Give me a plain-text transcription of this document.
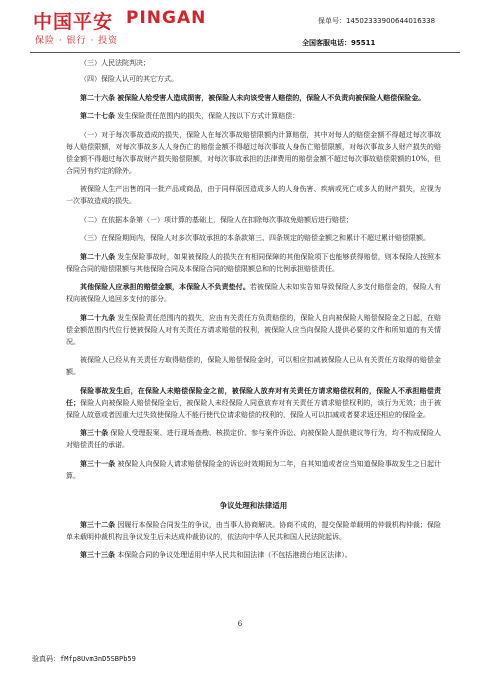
中国平安 PINGAN
保险 · 银行 · 投资
保单号：14502333900644016338
全国客服电话：95511

（三）人民法院判决；

（四）保险人认可的其它方式。

第二十六条 被保险人给受害人造成损害，被保险人未向该受害人赔偿的，保险人不负责向被保险人赔偿保险金。

第二十七条 发生保险责任范围内的损失，保险人按以下方式计算赔偿：

（一）对于每次事故造成的损失，保险人在每次事故赔偿限额内计算赔偿，其中对每人的赔偿金额不得超过每次事故每人赔偿限额，对每次事故多人人身伤亡的赔偿金额不得超过每次事故人身伤亡赔偿限额，对每次事故多人财产损失的赔偿金额不得超过每次事故财产损失赔偿限额，对每次事故承担的法律费用的赔偿金额不超过每次事故赔偿限额的10%，但合同另有约定的除外。

被保险人生产出售的同一批产品或商品，由于同样原因造成多人的人身伤害、疾病或死亡或多人的财产损失，应视为一次事故造成的损失。

（二）在依据本条第（一）项计算的基础上，保险人在扣除每次事故免赔额后进行赔偿；

（三）在保险期间内，保险人对多次事故承担的本条款第三、四条规定的赔偿金额之和累计不超过累计赔偿限额。

第二十八条 发生保险事故时，如果被保险人的损失在有相同保障的其他保险项下也能够获得赔偿，则本保险人按照本保险合同的赔偿限额与其他保险合同及本保险合同的赔偿限额总和的比例承担赔偿责任。

其他保险人应承担的赔偿金额，本保险人不负责垫付。若被保险人未如实告知导致保险人多支付赔偿金的，保险人有权向被保险人追回多支付的部分。

第二十九条 发生保险责任范围内的损失，应由有关责任方负责赔偿的，保险人自向被保险人赔偿保险金之日起，在赔偿金额范围内代位行使被保险人对有关责任方请求赔偿的权利，被保险人应当向保险人提供必要的文件和所知道的有关情况。

被保险人已经从有关责任方取得赔偿的，保险人赔偿保险金时，可以相应扣减被保险人已从有关责任方取得的赔偿金额。

保险事故发生后，在保险人未赔偿保险金之前，被保险人放弃对有关责任方请求赔偿权利的，保险人不承担赔偿责任；保险人向被保险人赔偿保险金后，被保险人未经保险人同意放弃对有关责任方请求赔偿权利的，该行为无效；由于被保险人故意或者因重大过失致使保险人不能行使代位请求赔偿的权利的，保险人可以扣减或者要求返还相应的保险金。

第三十条 保险人受理报案、进行现场查勘、核损定价、参与案件诉讼、向被保险人提供建议等行为，均不构成保险人对赔偿责任的承诺。

第三十一条 被保险人向保险人请求赔偿保险金的诉讼时效期间为二年，自其知道或者应当知道保险事故发生之日起计算。

争议处理和法律适用

第三十二条 因履行本保险合同发生的争议，由当事人协商解决。协商不成的，提交保险单载明的仲裁机构仲裁；保险单未载明仲裁机构且争议发生后未达成仲裁协议的，依法向中华人民共和国人民法院起诉。

第三十三条 本保险合同的争议处理适用中华人民共和国法律（不包括港澳台地区法律）。

6
验真码：fMfp8Uvm3nD5SBPb59
